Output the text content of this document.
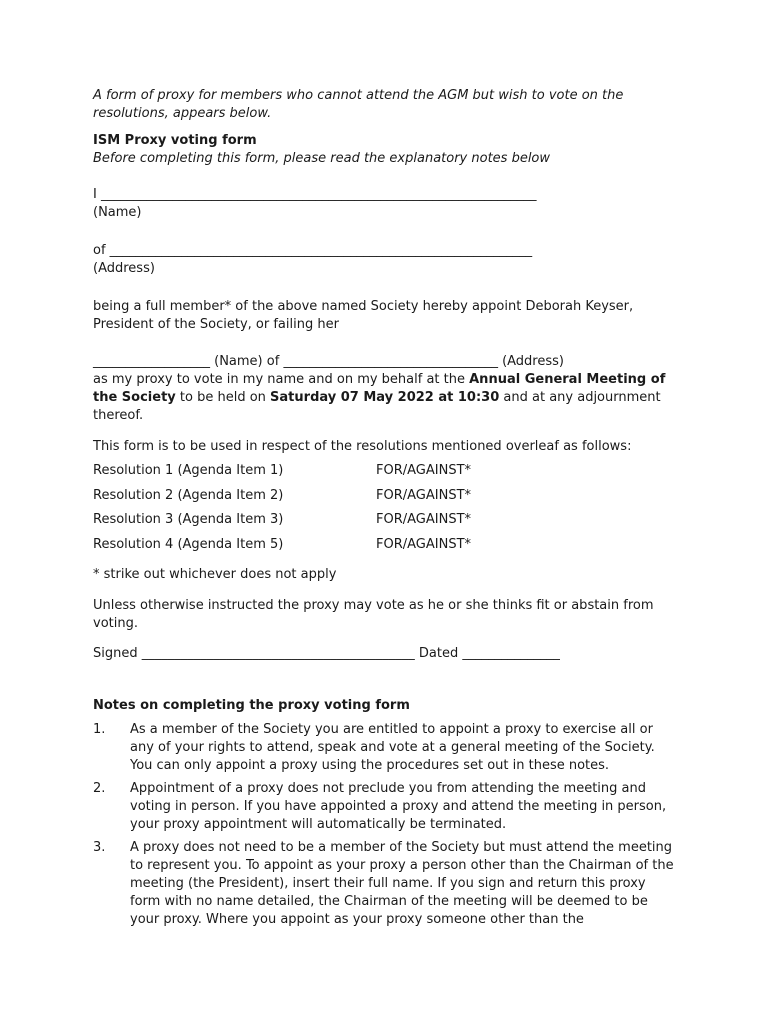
A form of proxy for members who cannot attend the AGM but wish to vote on the resolutions, appears below.

ISM Proxy voting form

Before completing this form, please read the explanatory notes below

I ___________________________________________________________________

(Name)

of _________________________________________________________________

(Address)

being a full member* of the above named Society hereby appoint Deborah Keyser, President of the Society, or failing her

__________________ (Name) of _________________________________ (Address)

as my proxy to vote in my name and on my behalf at the Annual General Meeting of the Society to be held on Saturday 07 May 2022 at 10:30 and at any adjournment thereof.

This form is to be used in respect of the resolutions mentioned overleaf as follows:

Resolution 1 (Agenda Item 1)	FOR/AGAINST*
Resolution 2 (Agenda Item 2)	FOR/AGAINST*
Resolution 3 (Agenda Item 3)	FOR/AGAINST*
Resolution 4 (Agenda Item 5)	FOR/AGAINST*

* strike out whichever does not apply

Unless otherwise instructed the proxy may vote as he or she thinks fit or abstain from voting.

Signed __________________________________________ Dated _______________

Notes on completing the proxy voting form

1.	As a member of the Society you are entitled to appoint a proxy to exercise all or any of your rights to attend, speak and vote at a general meeting of the Society. You can only appoint a proxy using the procedures set out in these notes.
2.	Appointment of a proxy does not preclude you from attending the meeting and voting in person. If you have appointed a proxy and attend the meeting in person, your proxy appointment will automatically be terminated.
3.	A proxy does not need to be a member of the Society but must attend the meeting to represent you. To appoint as your proxy a person other than the Chairman of the meeting (the President), insert their full name. If you sign and return this proxy form with no name detailed, the Chairman of the meeting will be deemed to be your proxy. Where you appoint as your proxy someone other than the
